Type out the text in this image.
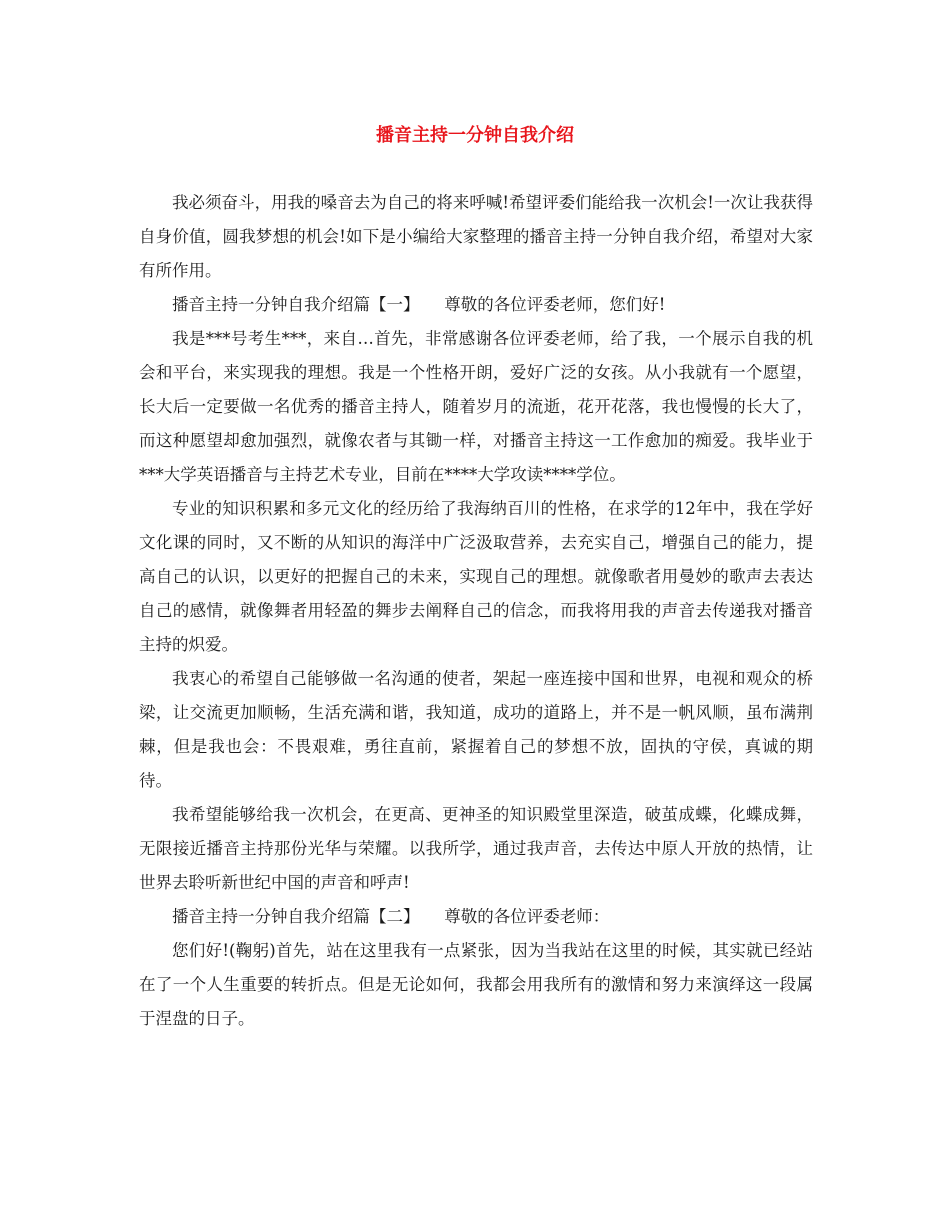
播音主持一分钟自我介绍

我必须奋斗，用我的嗓音去为自己的将来呼喊!希望评委们能给我一次机会!一次让我获得自身价值，圆我梦想的机会!如下是小编给大家整理的播音主持一分钟自我介绍，希望对大家有所作用。

播音主持一分钟自我介绍篇【一】　　尊敬的各位评委老师，您们好!

我是***号考生***，来自…首先，非常感谢各位评委老师，给了我，一个展示自我的机会和平台，来实现我的理想。我是一个性格开朗，爱好广泛的女孩。从小我就有一个愿望，长大后一定要做一名优秀的播音主持人，随着岁月的流逝，花开花落，我也慢慢的长大了，而这种愿望却愈加强烈，就像农者与其锄一样，对播音主持这一工作愈加的痴爱。我毕业于***大学英语播音与主持艺术专业，目前在****大学攻读****学位。

专业的知识积累和多元文化的经历给了我海纳百川的性格，在求学的12年中，我在学好文化课的同时，又不断的从知识的海洋中广泛汲取营养，去充实自己，增强自己的能力，提高自己的认识，以更好的把握自己的未来，实现自己的理想。就像歌者用曼妙的歌声去表达自己的感情，就像舞者用轻盈的舞步去阐释自己的信念，而我将用我的声音去传递我对播音主持的炽爱。

我衷心的希望自己能够做一名沟通的使者，架起一座连接中国和世界，电视和观众的桥梁，让交流更加顺畅，生活充满和谐，我知道，成功的道路上，并不是一帆风顺，虽布满荆棘，但是我也会：不畏艰难，勇往直前，紧握着自己的梦想不放，固执的守侯，真诚的期待。

我希望能够给我一次机会，在更高、更神圣的知识殿堂里深造，破茧成蝶，化蝶成舞，无限接近播音主持那份光华与荣耀。以我所学，通过我声音，去传达中原人开放的热情，让世界去聆听新世纪中国的声音和呼声!

播音主持一分钟自我介绍篇【二】　　尊敬的各位评委老师：

您们好!(鞠躬)首先，站在这里我有一点紧张，因为当我站在这里的时候，其实就已经站在了一个人生重要的转折点。但是无论如何，我都会用我所有的激情和努力来演绎这一段属于涅盘的日子。
